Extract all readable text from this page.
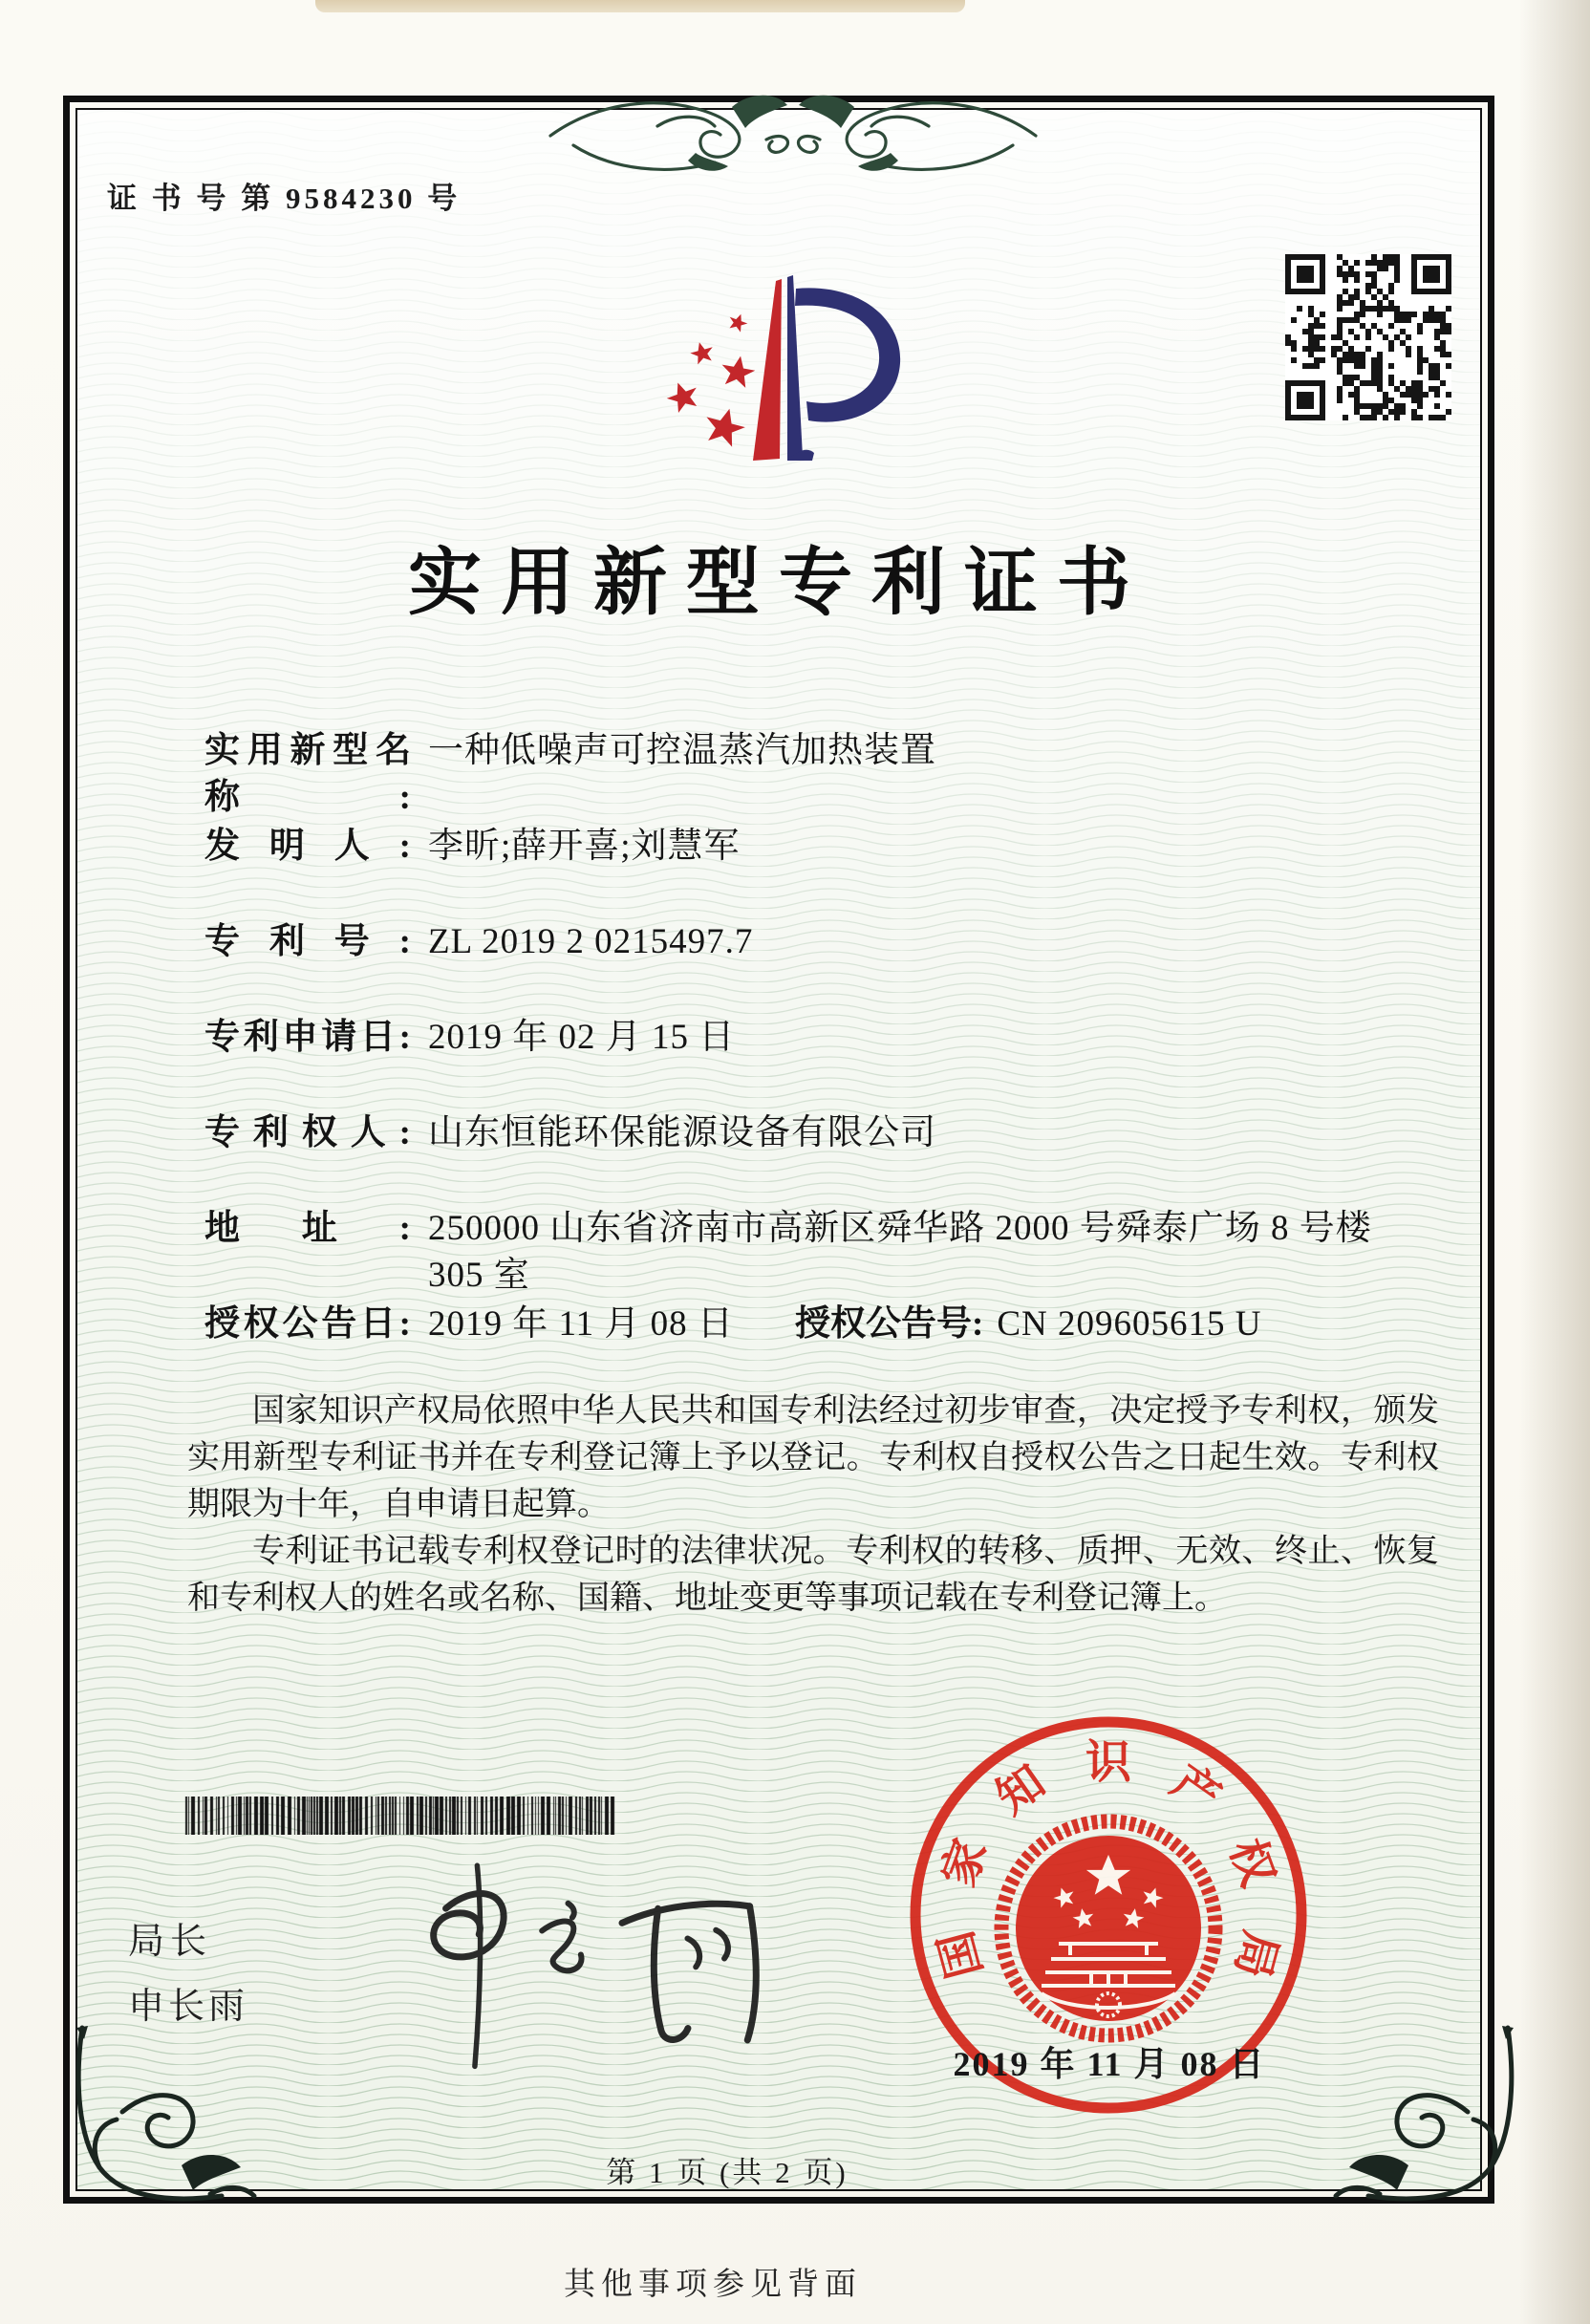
证 书 号 第 9584230 号
实用新型专利证书
实用新型名称:一种低噪声可控温蒸汽加热装置
发明人: 李昕;薛开喜;刘慧军
专利号: ZL 2019 2 0215497.7
专利申请日: 2019 年 02 月 15 日
专利权人: 山东恒能环保能源设备有限公司
地址: 250000 山东省济南市高新区舜华路 2000 号舜泰广场 8 号楼 305 室
授权公告日: 2019 年 11 月 08 日 授权公告号: CN 209605615 U

国家知识产权局依照中华人民共和国专利法经过初步审查，决定授予专利权，颁发实用新型专利证书并在专利登记簿上予以登记。专利权自授权公告之日起生效。专利权期限为十年，自申请日起算。

专利证书记载专利权登记时的法律状况。专利权的转移、质押、无效、终止、恢复和专利权人的姓名或名称、国籍、地址变更等事项记载在专利登记簿上。

局长
申长雨
国
家
知 识 产
权
局
2019 年 11 月 08 日
第 1 页 (共 2 页)
其他事项参见背面
